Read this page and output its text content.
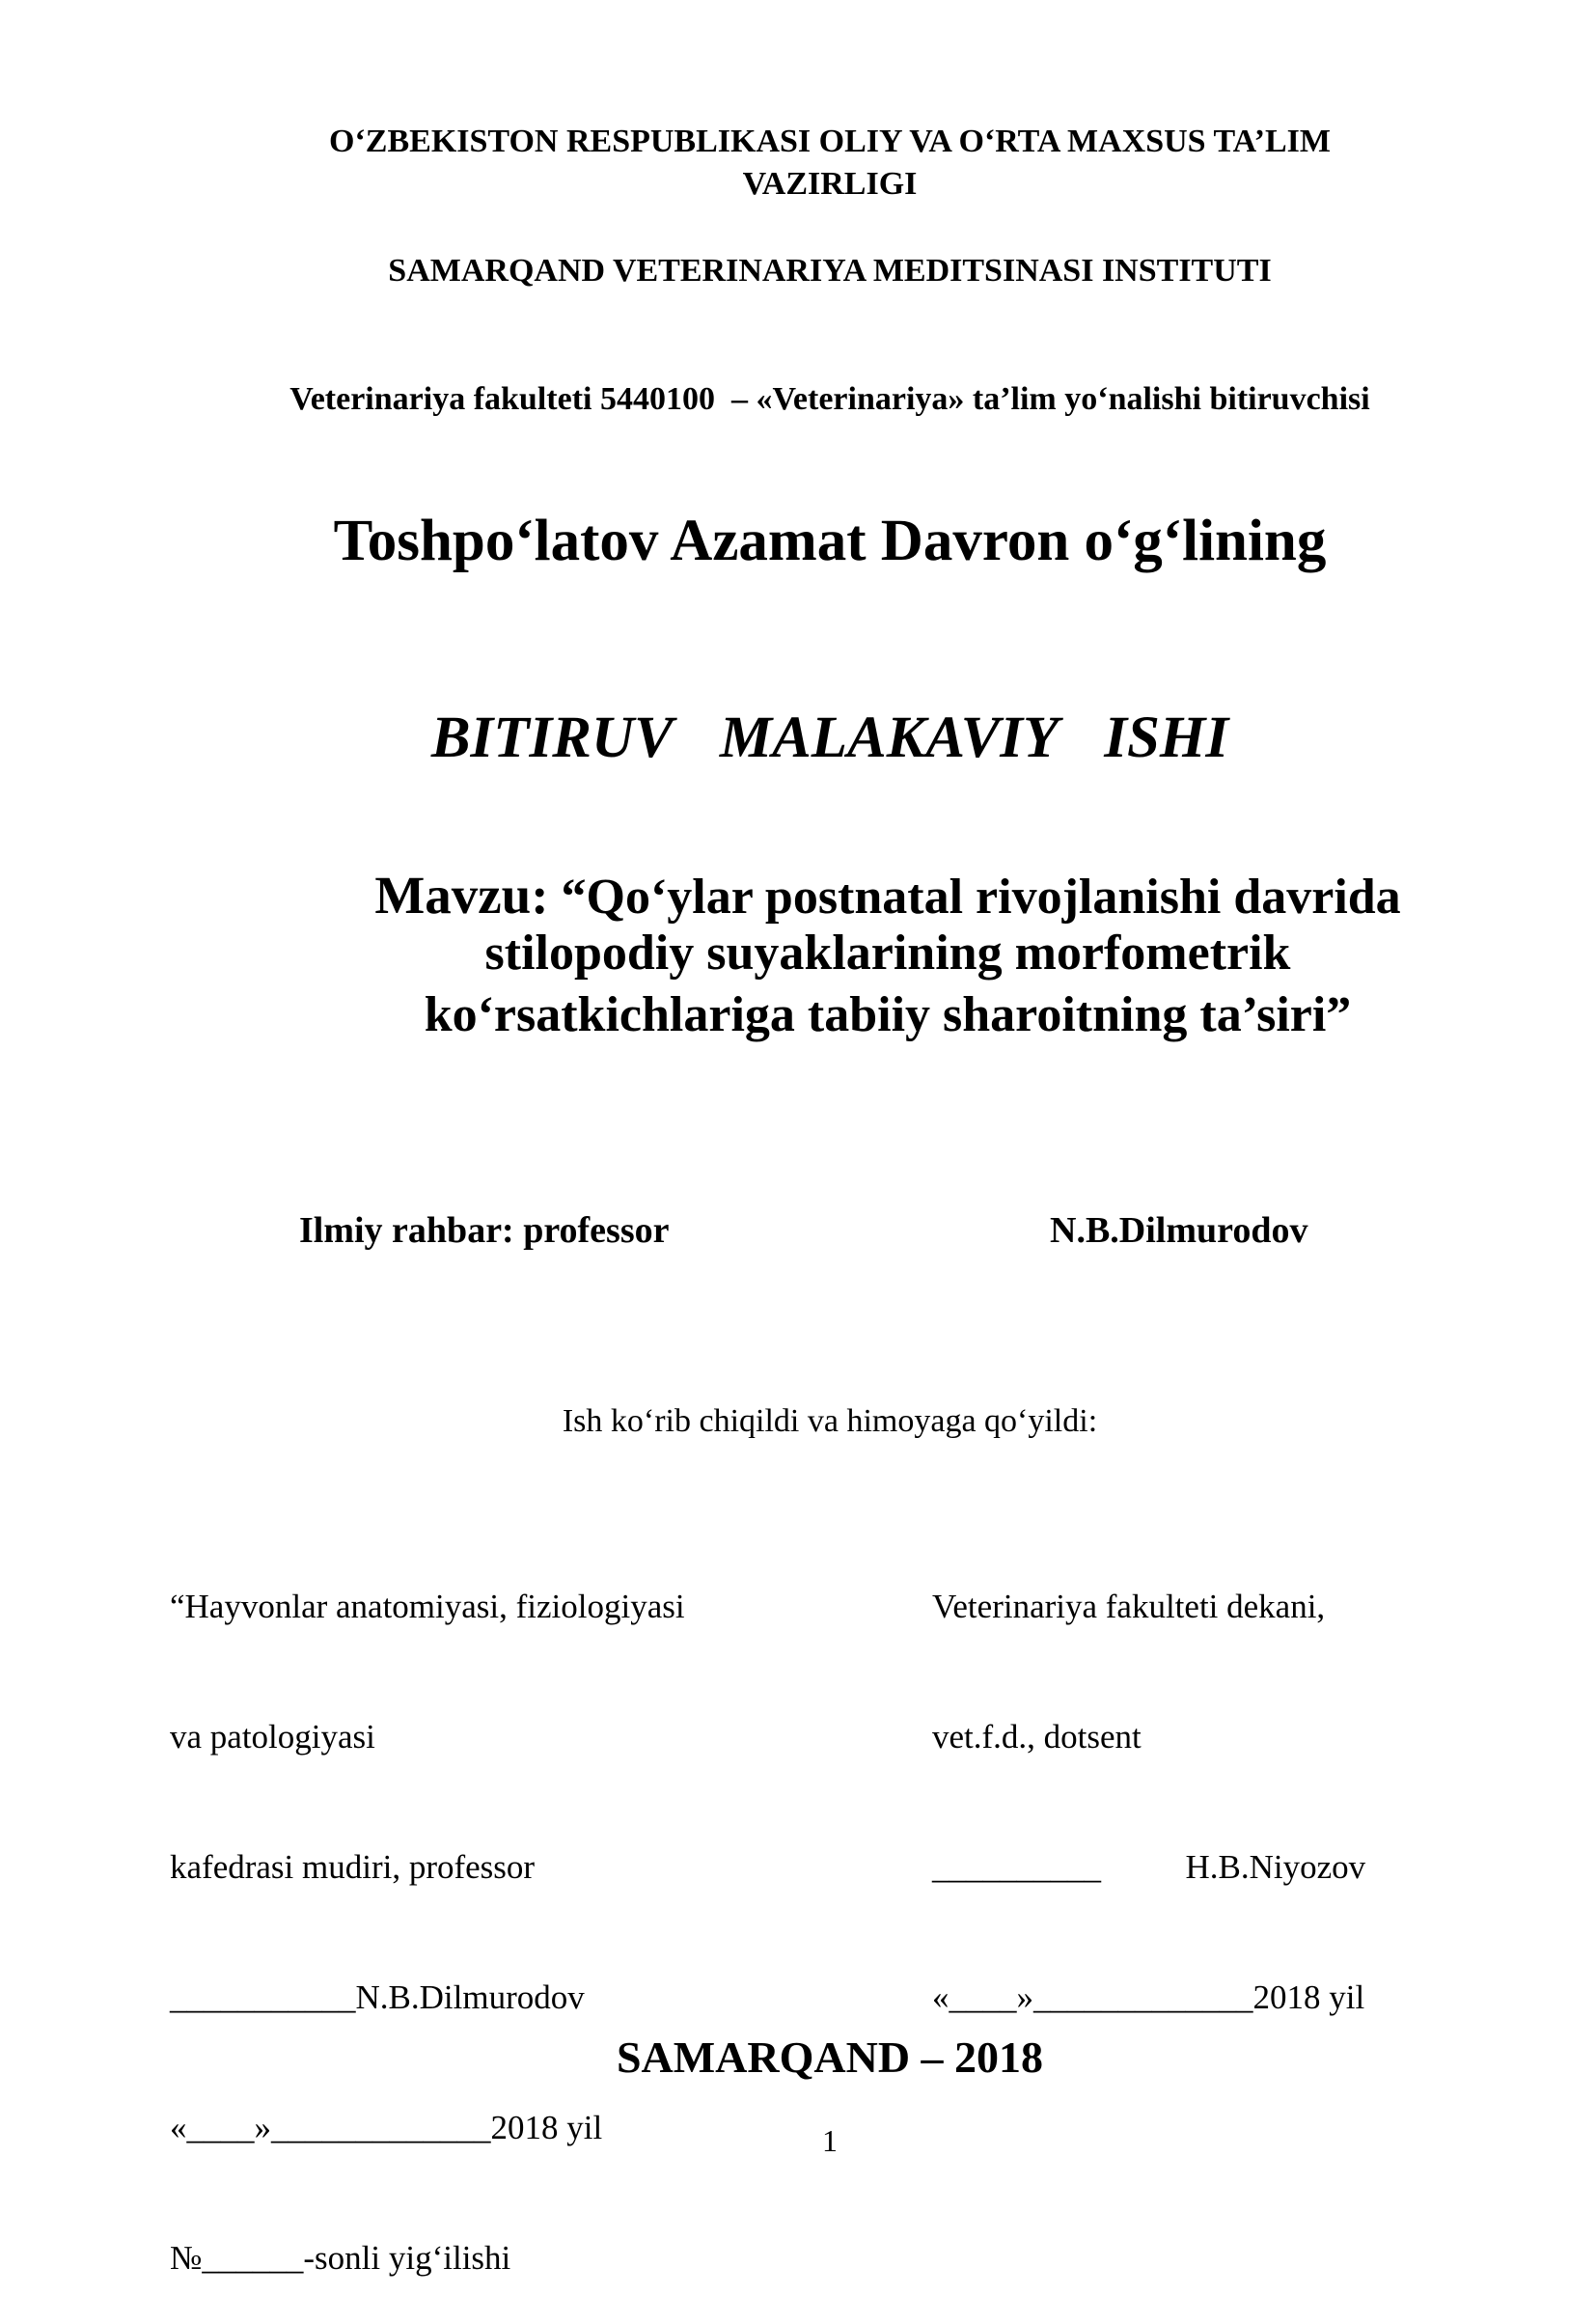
O‘ZBEKISTON RESPUBLIKASI OLIY VA O‘RTA MAXSUS TA’LIM
VAZIRLIGI
SAMARQAND VETERINARIYA MEDITSINASI INSTITUTI
Veterinariya fakulteti 5440100  – «Veterinariya» ta’lim yo‘nalishi bitiruvchisi
Toshpo‘latov Azamat Davron o‘g‘lining
BITIRUV MALAKAVIY ISHI
Mavzu: “Qo‘ylar postnatal rivojlanishi davrida
stilopodiy suyaklarining morfometrik
ko‘rsatkichlariga tabiiy sharoitning ta’siri”
Ilmiy rahbar: professor	N.B.Dilmurodov
Ish ko‘rib chiqildi va himoyaga qo‘yildi:

“Hayvonlar anatomiyasi, fiziologiyasi

va patologiyasi

kafedrasi mudiri, professor

___________N.B.Dilmurodov

«____»_____________2018 yil

№______-sonli yig‘ilishi

Veterinariya fakulteti dekani,

vet.f.d., dotsent

__________          H.B.Niyozov

«____»_____________2018 yil

SAMARQAND – 2018
1
